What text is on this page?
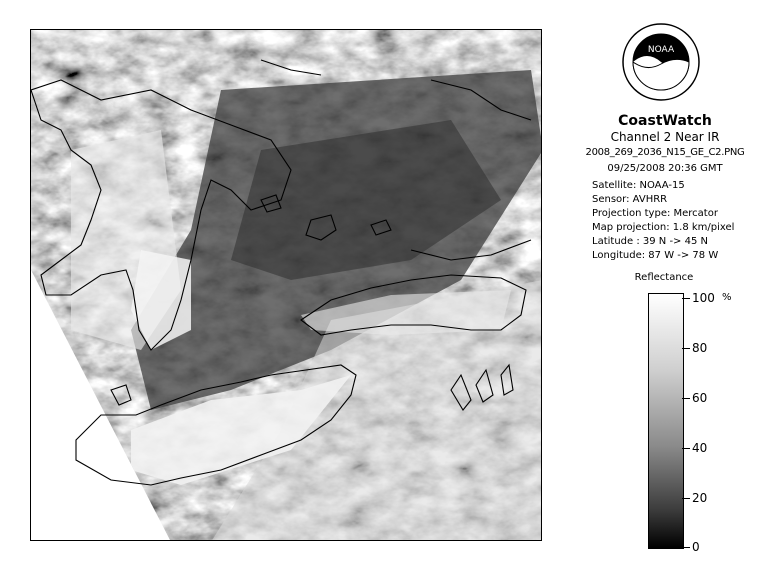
NOAA
CoastWatch
Channel 2 Near IR
2008_269_2036_N15_GE_C2.PNG
09/25/2008 20:36 GMT
Satellite: NOAA-15
Sensor: AVHRR
Projection type: Mercator
Map projection: 1.8 km/pixel
Latitude : 39 N -> 45 N
Longitude: 87 W -> 78 W
Reflectance
%
100
80
60
40
20
0
